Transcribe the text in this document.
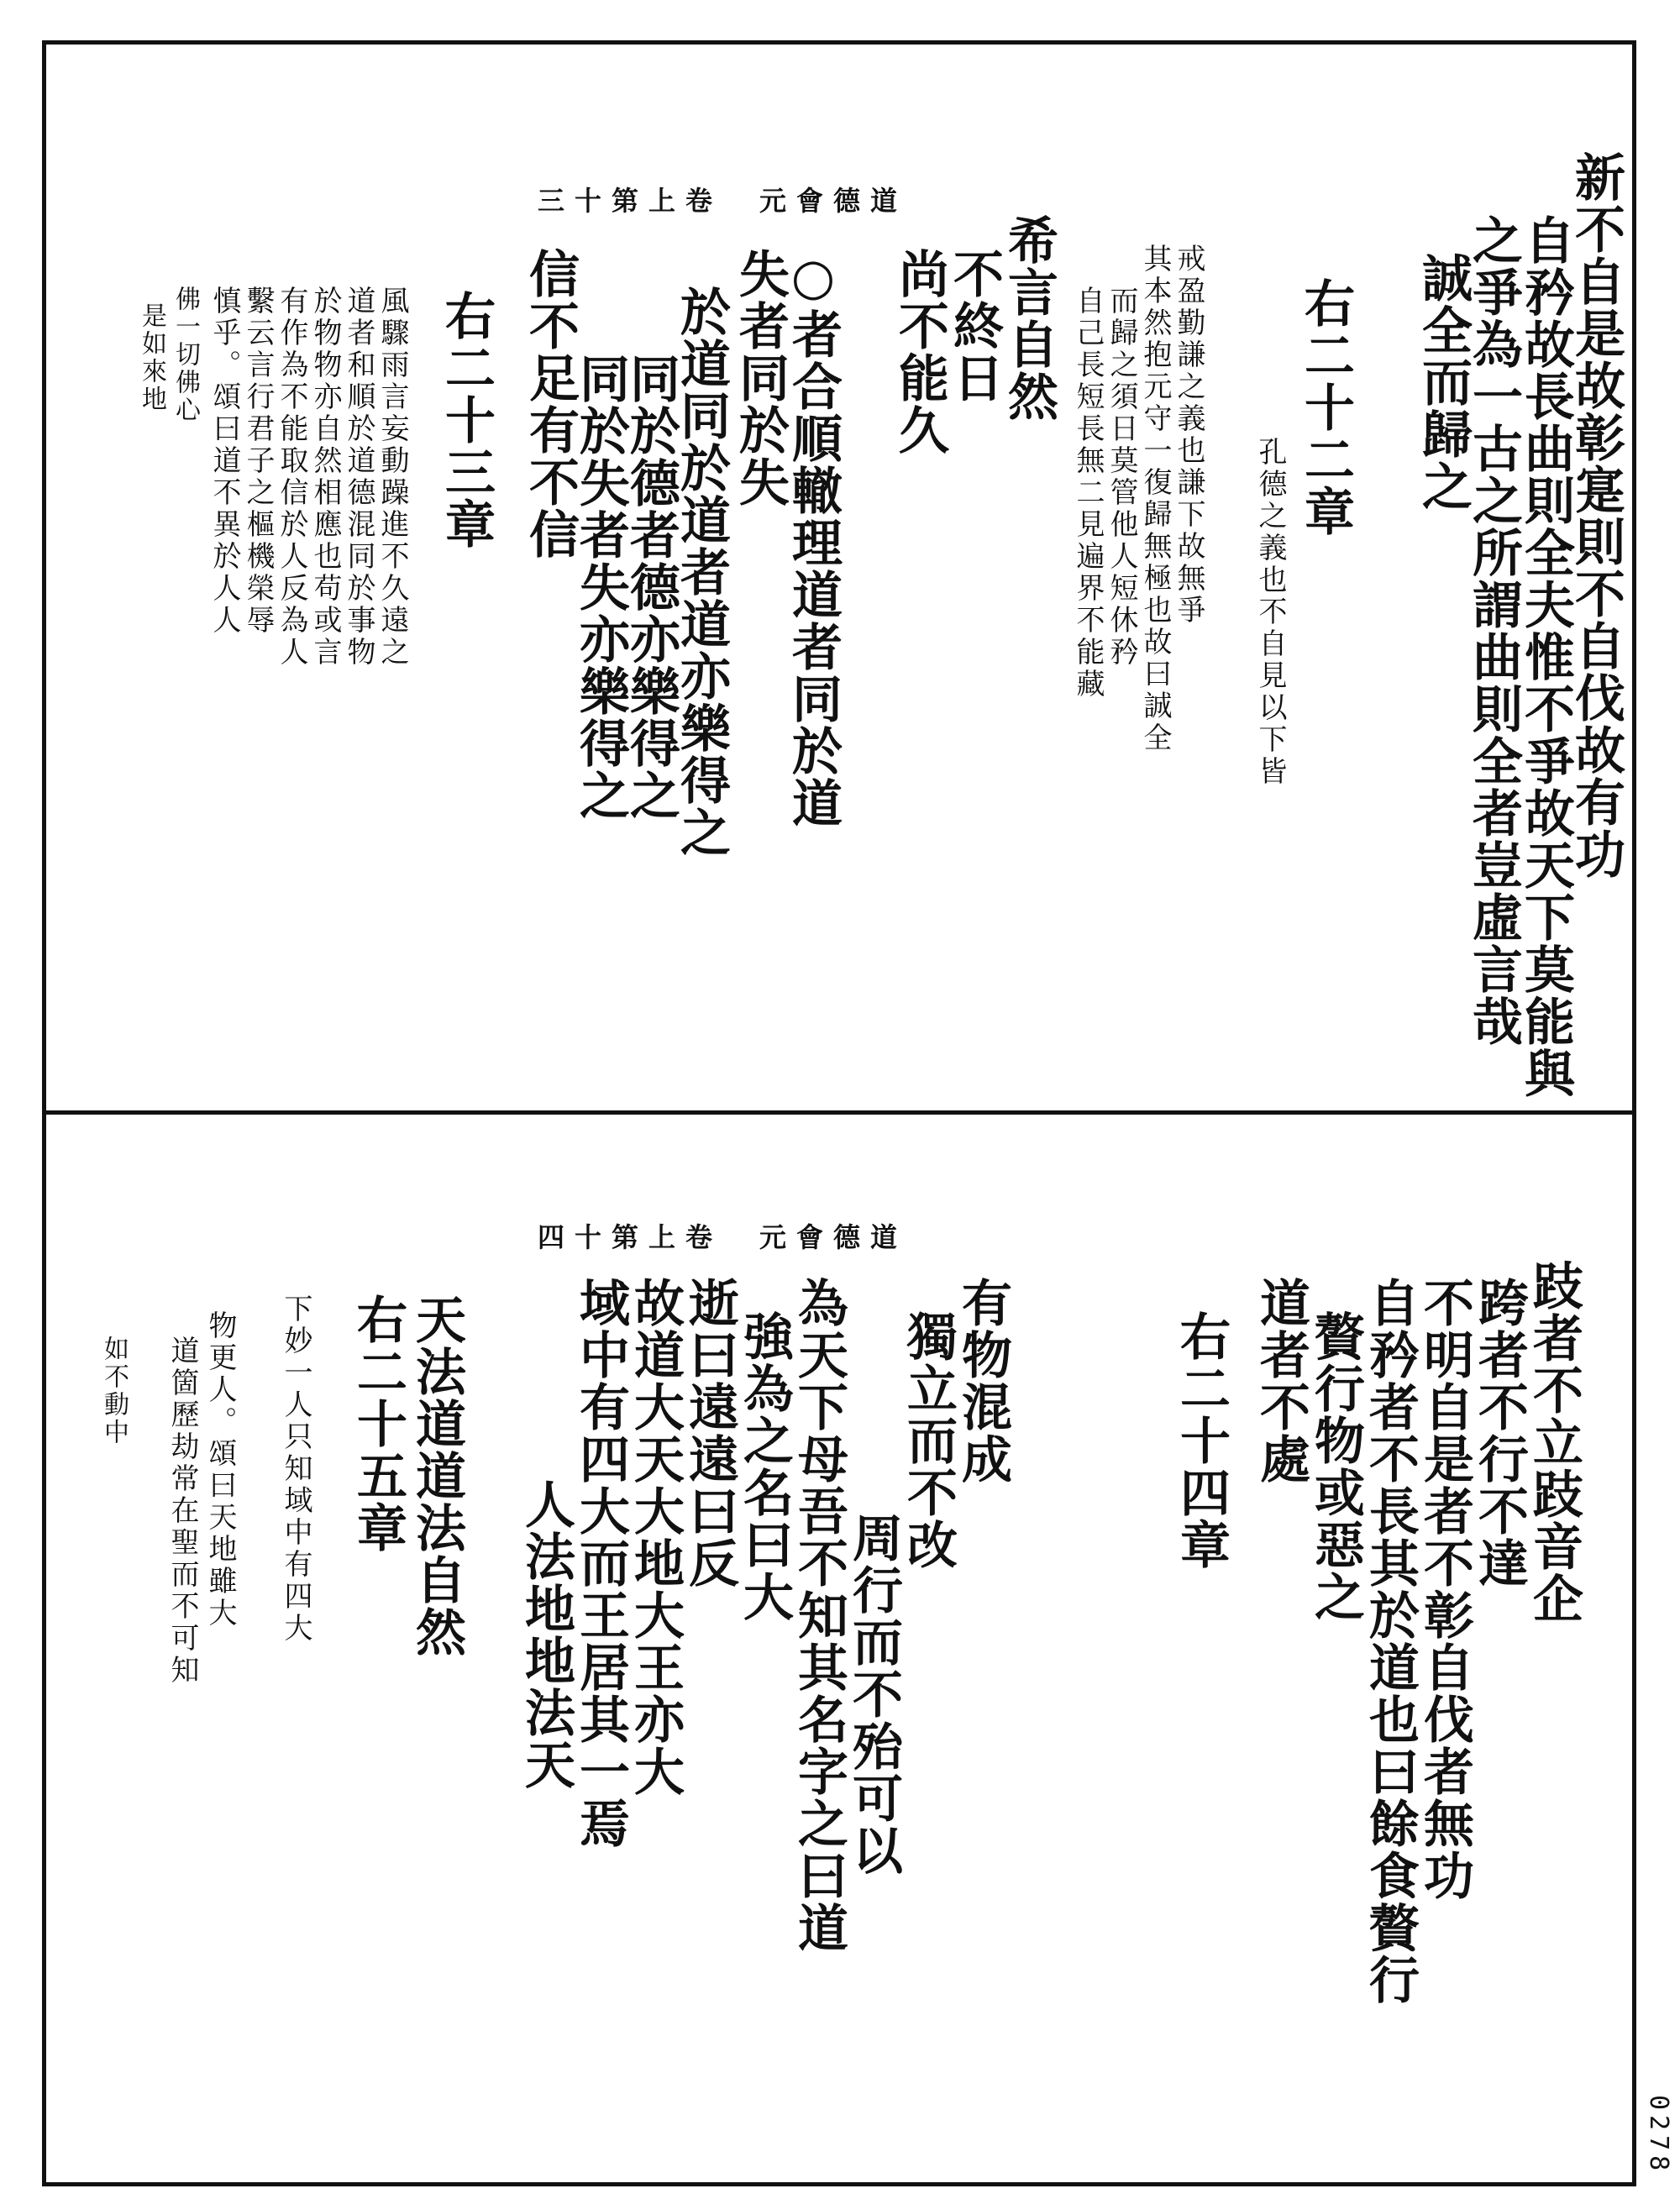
三十第上卷　元會德道	新不自是故彰寔則不自伐故有功
自矜故長曲則全夫惟不爭故天下莫能與
之爭為一古之所謂曲則全者豈虛言哉
誠全而歸之
右二十二章
孔德之義也不自見以下皆
戒盈勤謙之義也謙下故無爭
其本然抱元守一復歸無極也故曰誠全
而歸之須日莫管他人短休矜
自己長短長無二見遍界不能藏
希言自然
不終日
尚不能久
○者合順轍理道者同於道
失者同於失
於道同於道者道亦樂得之
同於德者德亦樂得之
同於失者失亦樂得之
信不足有不信
右二十三章
風驟雨言妄動躁進不久遠之
道者和順於道德混同於事物
於物物亦自然相應也苟或言
有作為不能取信於人反為人
繫云言行君子之樞機榮辱
慎乎。頌曰道不異於人人
佛一切佛心
是如來地
四十第上卷　元會德道
跂者不立跂音企
跨者不行不達
不明自是者不彰自伐者無功
自矜者不長其於道也曰餘食贅行
贅行物或惡之
道者不處
右二十四章
有物混成
獨立而不改
周行而不殆可以
為天下母吾不知其名字之曰道
強為之名曰大
逝曰遠遠曰反
故道大天大地大王亦大
域中有四大而王居其一焉
人法地地法天
天法道道法自然
右二十五章
下妙一人只知域中有四大
物更人。頌曰天地雖大
道箇歷劫常在聖而不可知
如不動中
0278
